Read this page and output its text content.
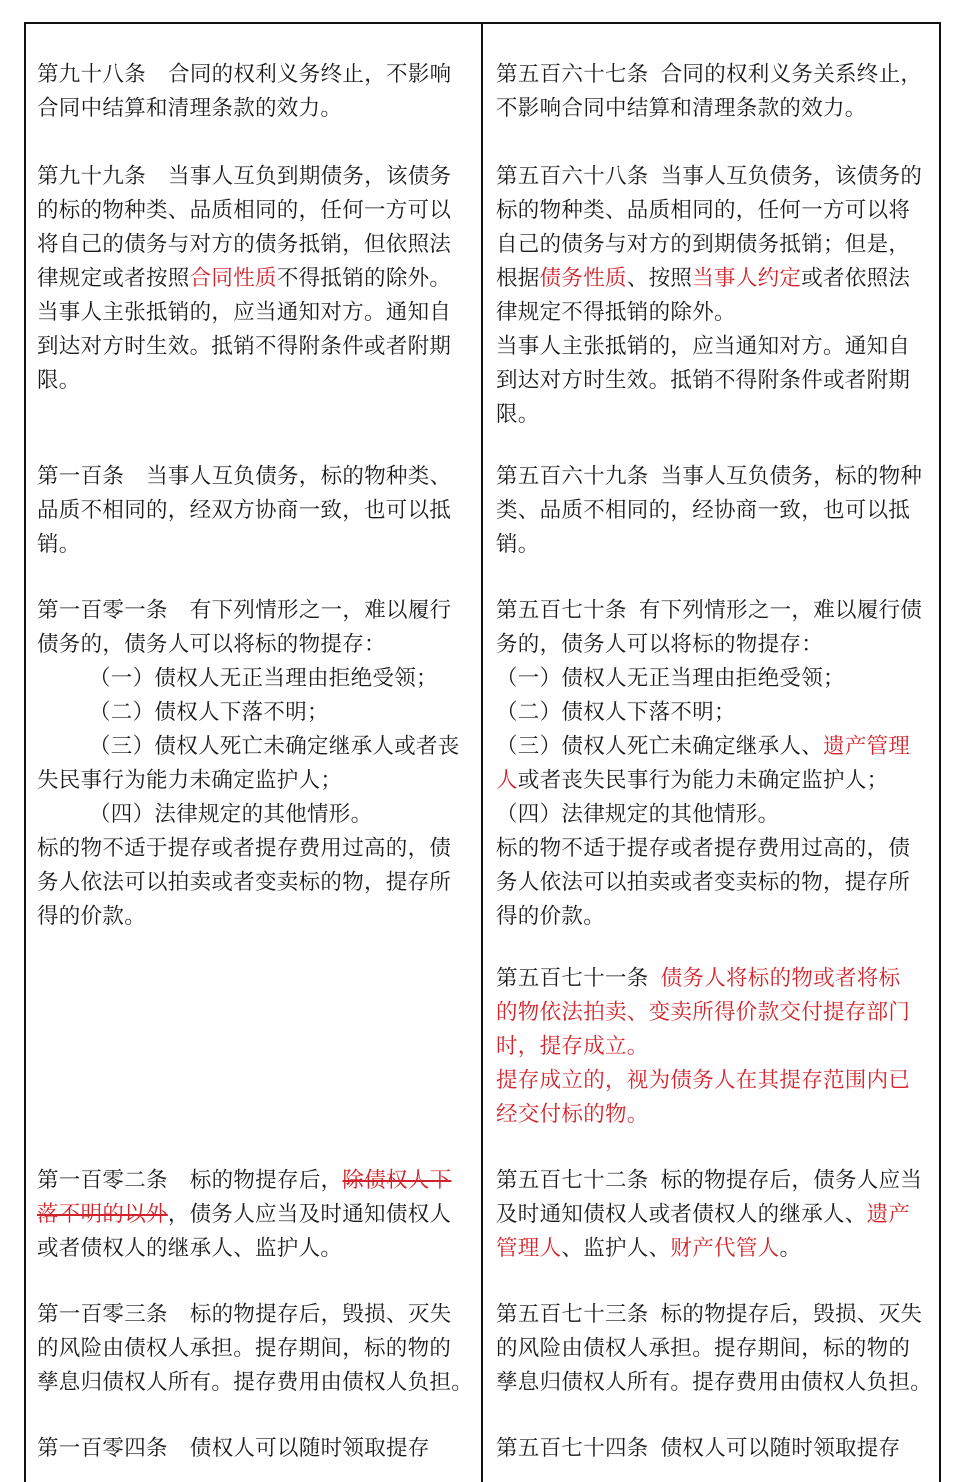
第九十八条 合同的权利义务终止，不影响

合同中结算和清理条款的效力。

第九十九条 当事人互负到期债务，该债务

的标的物种类、品质相同的，任何一方可以

将自己的债务与对方的债务抵销，但依照法

律规定或者按照合同性质不得抵销的除外。

当事人主张抵销的，应当通知对方。通知自

到达对方时生效。抵销不得附条件或者附期

限。

第一百条 当事人互负债务，标的物种类、

品质不相同的，经双方协商一致，也可以抵

销。

第一百零一条 有下列情形之一，难以履行

债务的，债务人可以将标的物提存：

（一）债权人无正当理由拒绝受领；

（二）债权人下落不明；

（三）债权人死亡未确定继承人或者丧

失民事行为能力未确定监护人；

（四）法律规定的其他情形。

标的物不适于提存或者提存费用过高的，债

务人依法可以拍卖或者变卖标的物，提存所

得的价款。

第一百零二条 标的物提存后，除债权人下

落不明的以外，债务人应当及时通知债权人

或者债权人的继承人、监护人。

第一百零三条 标的物提存后，毁损、灭失

的风险由债权人承担。提存期间，标的物的

孳息归债权人所有。提存费用由债权人负担。

第一百零四条 债权人可以随时领取提存

第五百六十七条 合同的权利义务关系终止，

不影响合同中结算和清理条款的效力。

第五百六十八条 当事人互负债务，该债务的

标的物种类、品质相同的，任何一方可以将

自己的债务与对方的到期债务抵销；但是，

根据债务性质、按照当事人约定或者依照法

律规定不得抵销的除外。

当事人主张抵销的，应当通知对方。通知自

到达对方时生效。抵销不得附条件或者附期

限。

第五百六十九条 当事人互负债务，标的物种

类、品质不相同的，经协商一致，也可以抵

销。

第五百七十条 有下列情形之一，难以履行债

务的，债务人可以将标的物提存：

（一）债权人无正当理由拒绝受领；

（二）债权人下落不明；

（三）债权人死亡未确定继承人、遗产管理

人或者丧失民事行为能力未确定监护人；

（四）法律规定的其他情形。

标的物不适于提存或者提存费用过高的，债

务人依法可以拍卖或者变卖标的物，提存所

得的价款。

第五百七十一条 债务人将标的物或者将标

的物依法拍卖、变卖所得价款交付提存部门

时，提存成立。

提存成立的，视为债务人在其提存范围内已

经交付标的物。

第五百七十二条 标的物提存后，债务人应当

及时通知债权人或者债权人的继承人、遗产

管理人、监护人、财产代管人。

第五百七十三条 标的物提存后，毁损、灭失

的风险由债权人承担。提存期间，标的物的

孳息归债权人所有。提存费用由债权人负担。

第五百七十四条 债权人可以随时领取提存
